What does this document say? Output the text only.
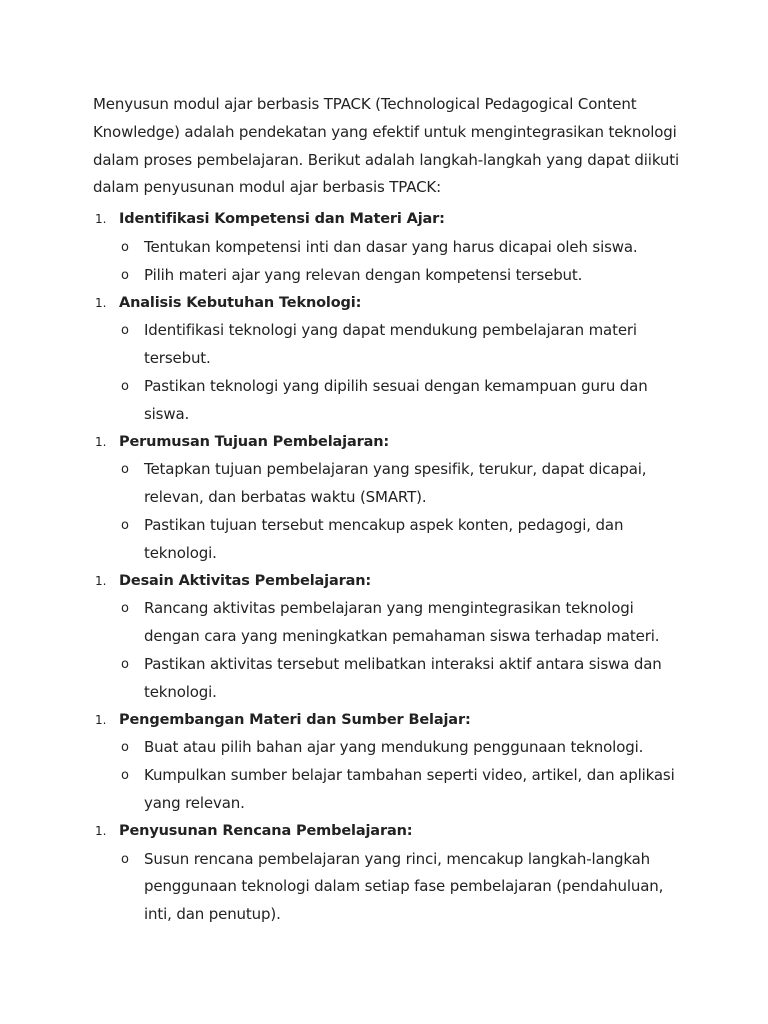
Menyusun modul ajar berbasis TPACK (Technological Pedagogical Content Knowledge) adalah pendekatan yang efektif untuk mengintegrasikan teknologi dalam proses pembelajaran. Berikut adalah langkah-langkah yang dapat diikuti dalam penyusunan modul ajar berbasis TPACK:

1. Identifikasi Kompetensi dan Materi Ajar:
o Tentukan kompetensi inti dan dasar yang harus dicapai oleh siswa.
o Pilih materi ajar yang relevan dengan kompetensi tersebut.
1. Analisis Kebutuhan Teknologi:
o Identifikasi teknologi yang dapat mendukung pembelajaran materi tersebut.
o Pastikan teknologi yang dipilih sesuai dengan kemampuan guru dan siswa.
1. Perumusan Tujuan Pembelajaran:
o Tetapkan tujuan pembelajaran yang spesifik, terukur, dapat dicapai, relevan, dan berbatas waktu (SMART).
o Pastikan tujuan tersebut mencakup aspek konten, pedagogi, dan teknologi.
1. Desain Aktivitas Pembelajaran:
o Rancang aktivitas pembelajaran yang mengintegrasikan teknologi dengan cara yang meningkatkan pemahaman siswa terhadap materi.
o Pastikan aktivitas tersebut melibatkan interaksi aktif antara siswa dan teknologi.
1. Pengembangan Materi dan Sumber Belajar:
o Buat atau pilih bahan ajar yang mendukung penggunaan teknologi.
o Kumpulkan sumber belajar tambahan seperti video, artikel, dan aplikasi yang relevan.
1. Penyusunan Rencana Pembelajaran:
o Susun rencana pembelajaran yang rinci, mencakup langkah-langkah penggunaan teknologi dalam setiap fase pembelajaran (pendahuluan, inti, dan penutup).
